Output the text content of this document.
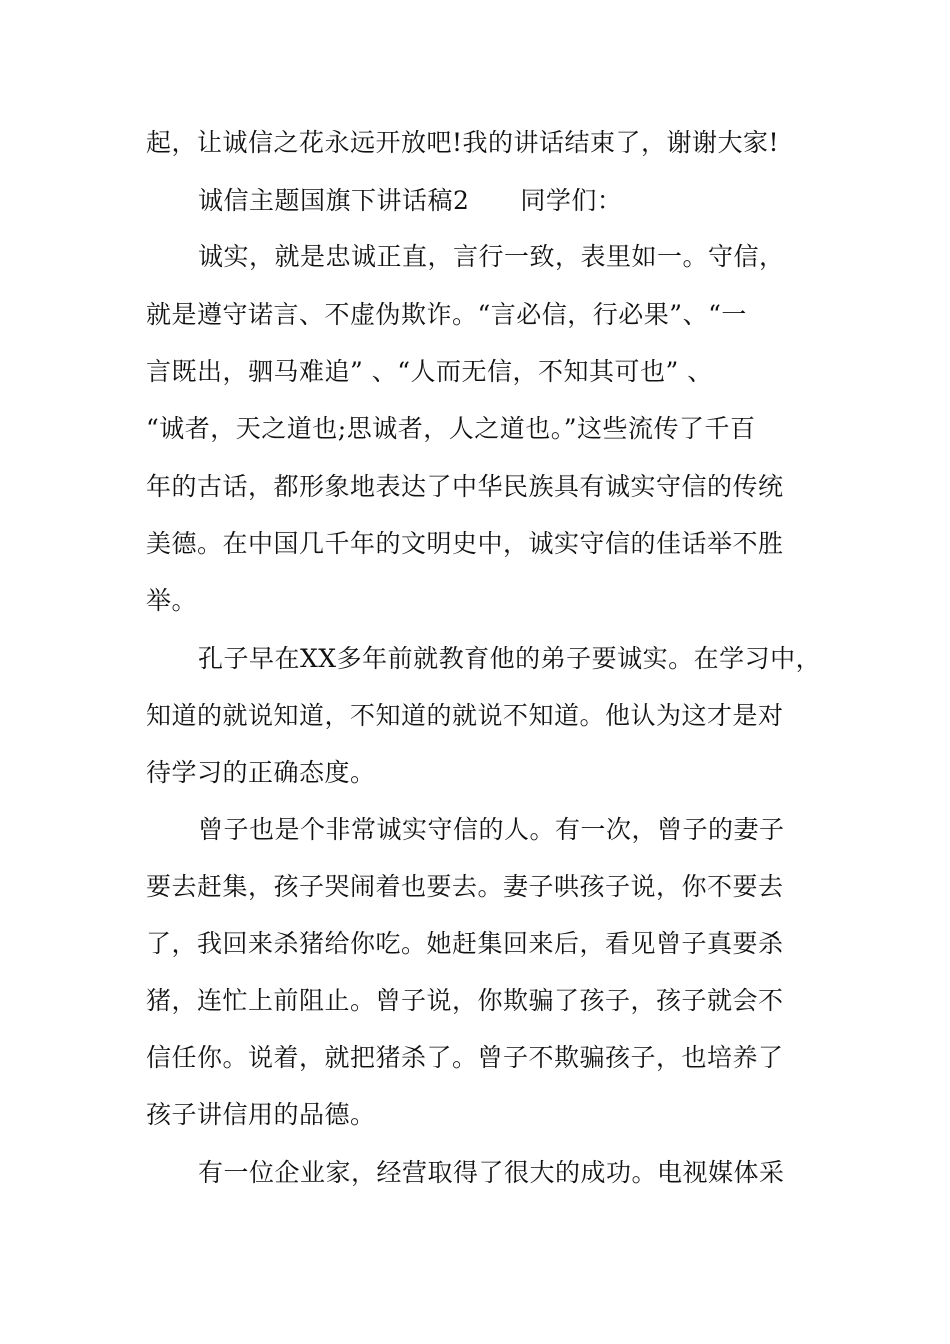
起，让诚信之花永远开放吧!我的讲话结束了，谢谢大家!
诚信主题国旗下讲话稿2　　同学们：
诚实，就是忠诚正直，言行一致，表里如一。守信，
就是遵守诺言、不虚伪欺诈。“言必信，行必果”、“一
言既出，驷马难追” 、“人而无信，不知其可也” 、
“诚者，天之道也;思诚者，人之道也。”这些流传了千百
年的古话，都形象地表达了中华民族具有诚实守信的传统
美德。在中国几千年的文明史中，诚实守信的佳话举不胜
举。
孔子早在XX多年前就教育他的弟子要诚实。在学习中，
知道的就说知道，不知道的就说不知道。他认为这才是对
待学习的正确态度。
曾子也是个非常诚实守信的人。有一次，曾子的妻子
要去赶集，孩子哭闹着也要去。妻子哄孩子说，你不要去
了，我回来杀猪给你吃。她赶集回来后，看见曾子真要杀
猪，连忙上前阻止。曾子说，你欺骗了孩子，孩子就会不
信任你。说着，就把猪杀了。曾子不欺骗孩子，也培养了
孩子讲信用的品德。
有一位企业家，经营取得了很大的成功。电视媒体采
